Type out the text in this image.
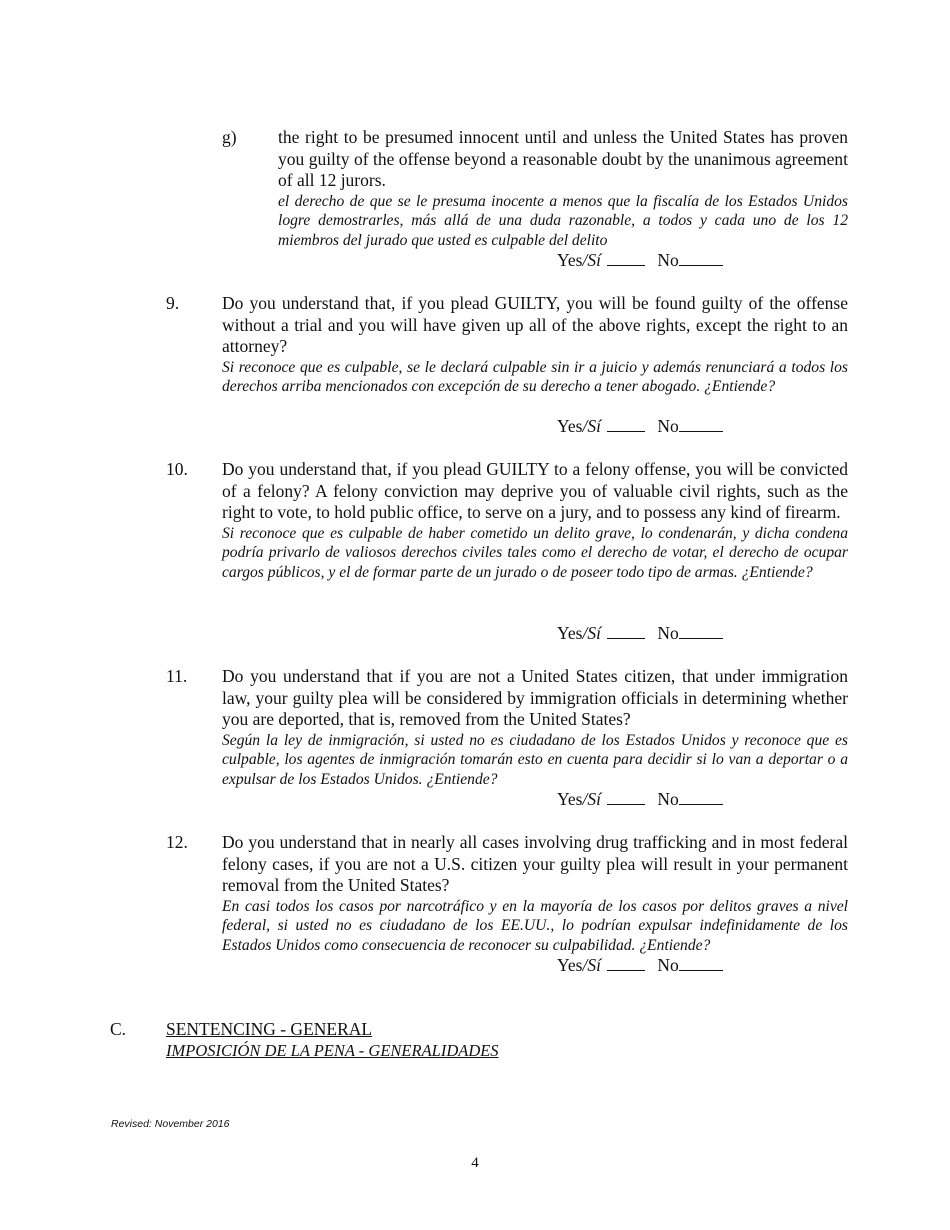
g) the right to be presumed innocent until and unless the United States has proven you guilty of the offense beyond a reasonable doubt by the unanimous agreement of all 12 jurors.

el derecho de que se le presuma inocente a menos que la fiscalía de los Estados Unidos logre demostrarles, más allá de una duda razonable, a todos y cada uno de los 12 miembros del jurado que usted es culpable del delito

Yes/Sí	No
9. Do you understand that, if you plead GUILTY, you will be found guilty of the offense without a trial and you will have given up all of the above rights, except the right to an attorney?

Si reconoce que es culpable, se le declará culpable sin ir a juicio y además renunciará a todos los derechos arriba mencionados con excepción de su derecho a tener abogado. ¿Entiende?

Yes/Sí	No
10. Do you understand that, if you plead GUILTY to a felony offense, you will be convicted of a felony? A felony conviction may deprive you of valuable civil rights, such as the right to vote, to hold public office, to serve on a jury, and to possess any kind of firearm.

Si reconoce que es culpable de haber cometido un delito grave, lo condenarán, y dicha condena podría privarlo de valiosos derechos civiles tales como el derecho de votar, el derecho de ocupar cargos públicos, y el de formar parte de un jurado o de poseer todo tipo de armas. ¿Entiende?

Yes/Sí	No
11. Do you understand that if you are not a United States citizen, that under immigration law, your guilty plea will be considered by immigration officials in determining whether you are deported, that is, removed from the United States?

Según la ley de inmigración, si usted no es ciudadano de los Estados Unidos y reconoce que es culpable, los agentes de inmigración tomarán esto en cuenta para decidir si lo van a deportar o a expulsar de los Estados Unidos. ¿Entiende?

Yes/Sí	No
12. Do you understand that in nearly all cases involving drug trafficking and in most federal felony cases, if you are not a U.S. citizen your guilty plea will result in your permanent removal from the United States?

En casi todos los casos por narcotráfico y en la mayoría de los casos por delitos graves a nivel federal, si usted no es ciudadano de los EE.UU., lo podrían expulsar indefinidamente de los Estados Unidos como consecuencia de reconocer su culpabilidad. ¿Entiende?

Yes/Sí	No
C. SENTENCING - GENERAL
IMPOSICIÓN DE LA PENA - GENERALIDADES
Revised: November 2016
4
